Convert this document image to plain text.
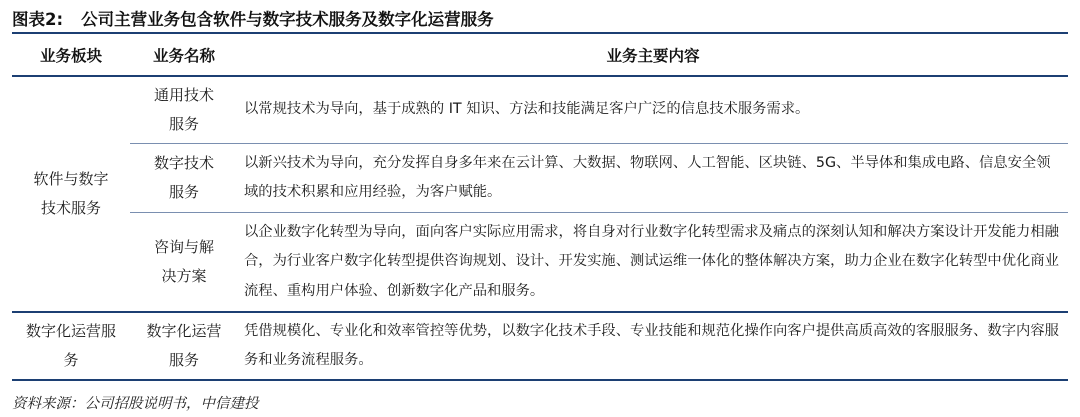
图表2: 公司主营业务包含软件与数字技术服务及数字化运营服务
业务板块	业务名称	业务主要内容
软件与数字技术服务
通用技术服务
以常规技术为导向，基于成熟的 IT 知识、方法和技能满足客户广泛的信息技术服务需求。
数字技术服务
以新兴技术为导向，充分发挥自身多年来在云计算、大数据、物联网、人工智能、区块链、5G、半导体和集成电路、信息安全领域的技术积累和应用经验，为客户赋能。
咨询与解决方案
以企业数字化转型为导向，面向客户实际应用需求，将自身对行业数字化转型需求及痛点的深刻认知和解决方案设计开发能力相融合，为行业客户数字化转型提供咨询规划、设计、开发实施、测试运维一体化的整体解决方案，助力企业在数字化转型中优化商业流程、重构用户体验、创新数字化产品和服务。
数字化运营服务
数字化运营服务
凭借规模化、专业化和效率管控等优势，以数字化技术手段、专业技能和规范化操作向客户提供高质高效的客服服务、数字内容服务和业务流程服务。
资料来源：公司招股说明书，中信建投
